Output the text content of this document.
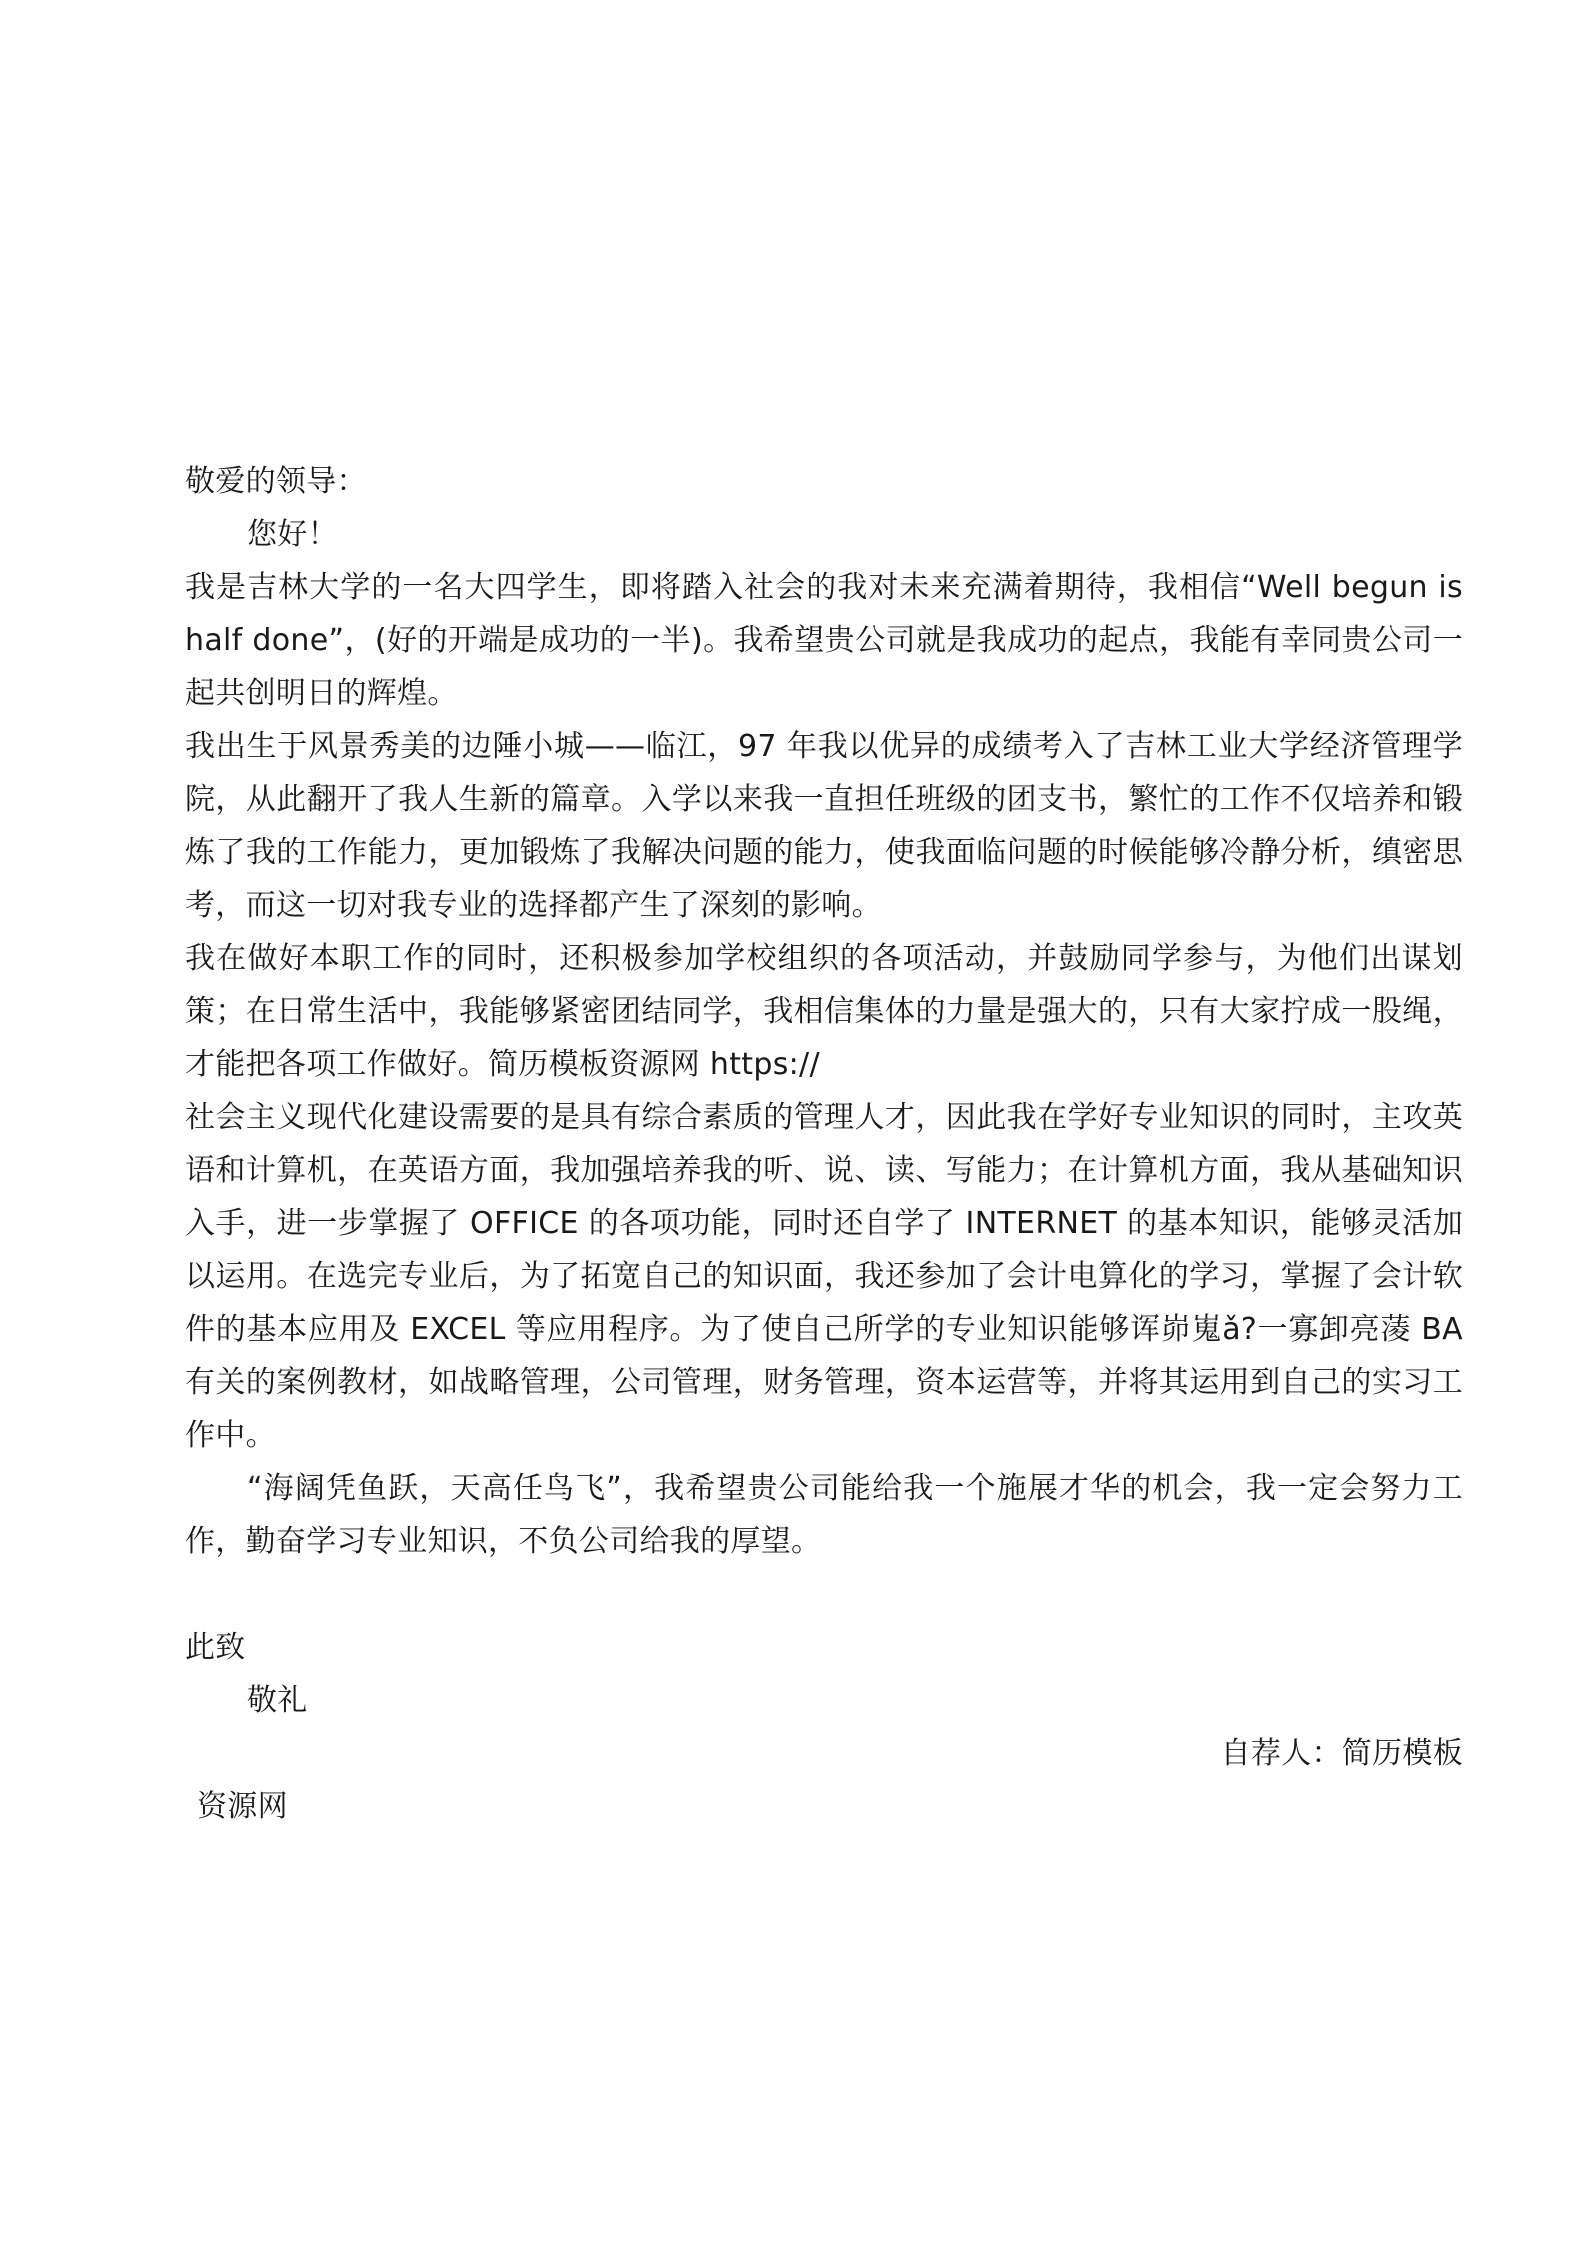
敬爱的领导：

您好！

我是吉林大学的一名大四学生，即将踏入社会的我对未来充满着期待，我相信“Well begun is half done”，(好的开端是成功的一半)。我希望贵公司就是我成功的起点，我能有幸同贵公司一起共创明日的辉煌。

我出生于风景秀美的边陲小城——临江，97 年我以优异的成绩考入了吉林工业大学经济管理学院，从此翻开了我人生新的篇章。入学以来我一直担任班级的团支书，繁忙的工作不仅培养和锻炼了我的工作能力，更加锻炼了我解决问题的能力，使我面临问题的时候能够冷静分析，缜密思考，而这一切对我专业的选择都产生了深刻的影响。

我在做好本职工作的同时，还积极参加学校组织的各项活动，并鼓励同学参与，为他们出谋划策；在日常生活中，我能够紧密团结同学，我相信集体的力量是强大的，只有大家拧成一股绳，才能把各项工作做好。简历模板资源网 https://

社会主义现代化建设需要的是具有综合素质的管理人才，因此我在学好专业知识的同时，主攻英语和计算机，在英语方面，我加强培养我的听、说、读、写能力；在计算机方面，我从基础知识入手，进一步掌握了 OFFICE 的各项功能，同时还自学了 INTERNET 的基本知识，能够灵活加以运用。在选完专业后，为了拓宽自己的知识面，我还参加了会计电算化的学习，掌握了会计软件的基本应用及 EXCEL 等应用程序。为了使自己所学的专业知识能够诨峁嵬ǎ?一寡卸亮蓤 BA 有关的案例教材，如战略管理，公司管理，财务管理，资本运营等，并将其运用到自己的实习工作中。

“海阔凭鱼跃，天高任鸟飞”，我希望贵公司能给我一个施展才华的机会，我一定会努力工作，勤奋学习专业知识，不负公司给我的厚望。

此致

敬礼

自荐人：简历模板

资源网
